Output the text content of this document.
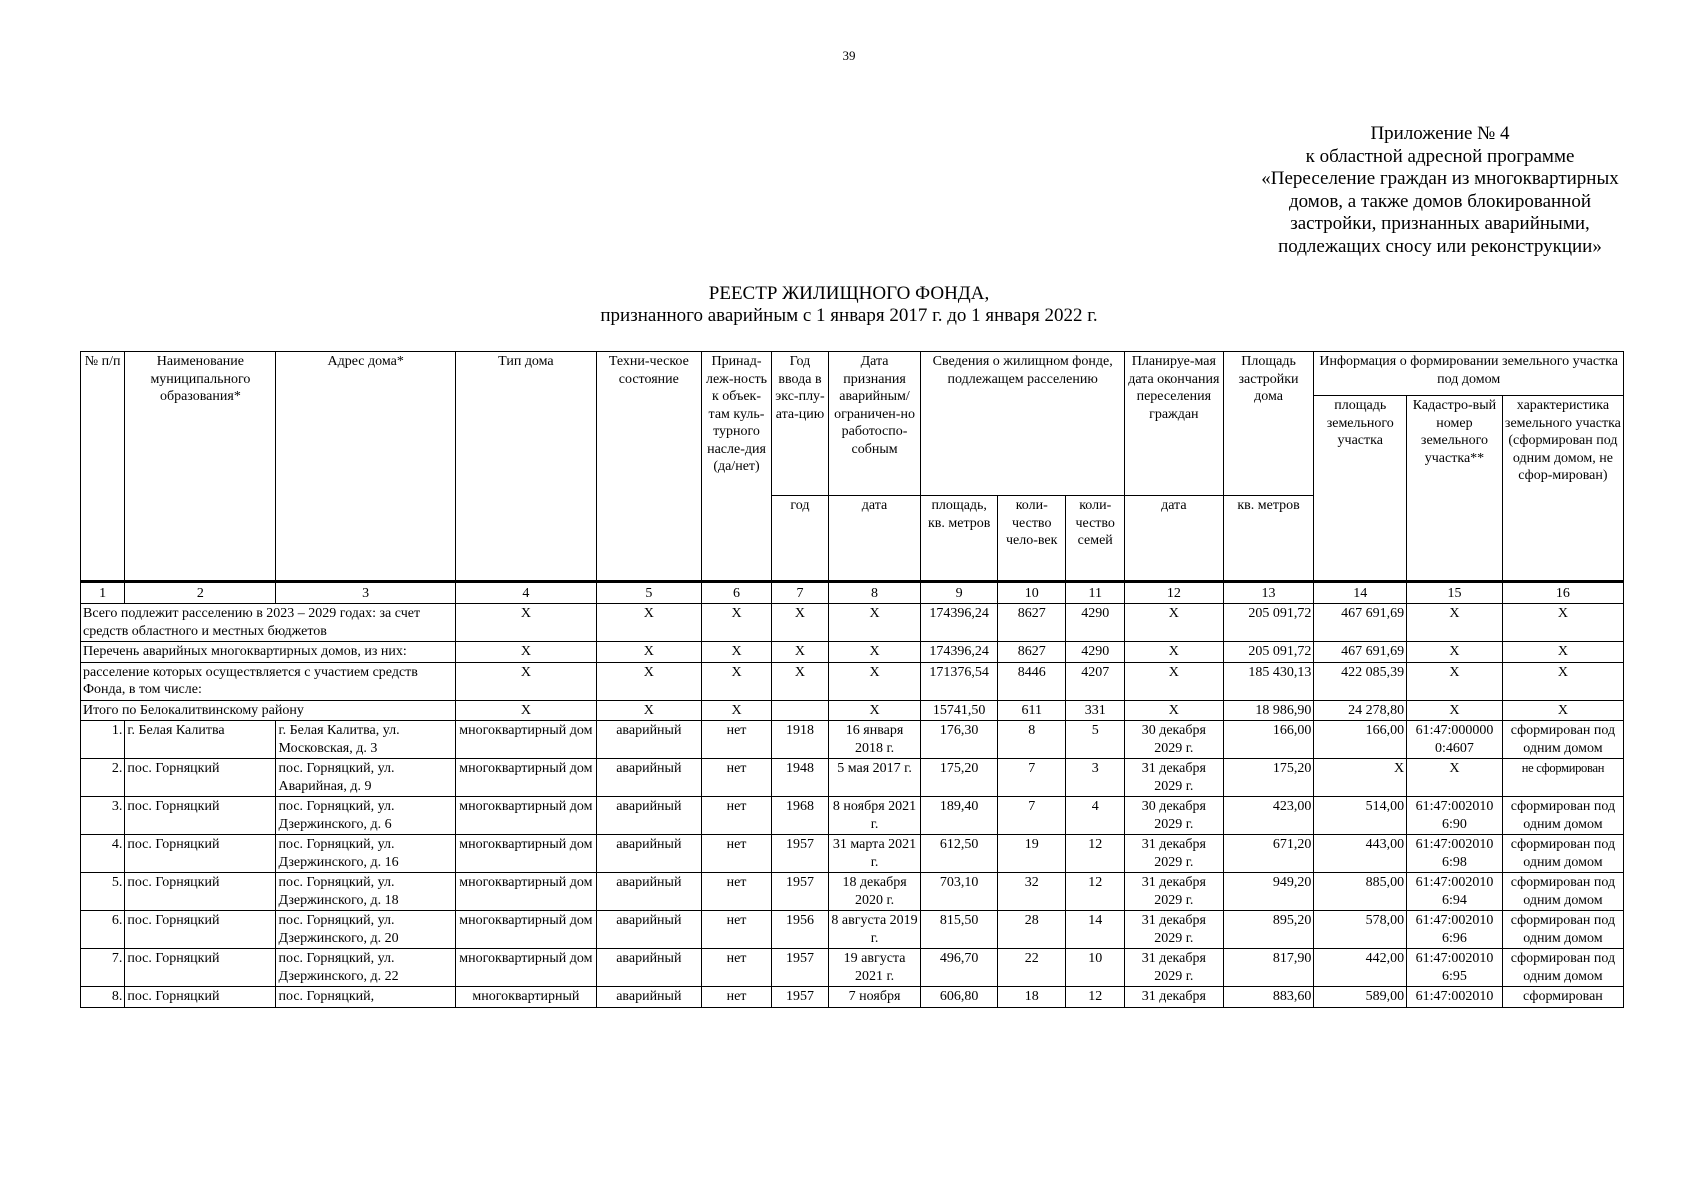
39
Приложение № 4
к областной адресной программе
«Переселение граждан из многоквартирных
домов, а также домов блокированной
застройки, признанных аварийными,
подлежащих сносу или реконструкции»
РЕЕСТР ЖИЛИЩНОГО ФОНДА,
признанного аварийным с 1 января 2017 г. до 1 января 2022 г.
№ п/п	Наименование муниципального образования*	Адрес дома*	Тип дома	Техни-ческое состояние	Принад-леж-ность к объек-там куль-турного насле-дия (да/нет)	Год ввода в экс-плу-ата-цию	Дата признания аварийным/ ограничен-но работоспо-собным	Сведения о жилищном фонде, подлежащем расселению			Планируе-мая дата окончания переселения граждан	Площадь застройки дома	Информация о формировании земельного участка под домом		
													площадь земельного участка	Кадастро-вый номер земельного участка**	характеристика земельного участка (сформирован под одним домом, не сфор-мирован)
						год	дата	площадь, кв. метров	коли-чество чело-век	коли-чество семей	дата	кв. метров			
1	2	3	4	5	6	7	8	9	10	11	12	13	14	15	16
Всего подлежит расселению в 2023 – 2029 годах: за счет средств областного и местных бюджетов			X	X	X	X	X	174396,24	8627	4290	X	205 091,72	467 691,69	X	X
Перечень аварийных многоквартирных домов, из них:			X	X	X	X	X	174396,24	8627	4290	X	205 091,72	467 691,69	X	X
расселение которых осуществляется с участием средств Фонда, в том числе:			X	X	X	X	X	171376,54	8446	4207	X	185 430,13	422 085,39	X	X
Итого по Белокалитвинскому району			X	X	X		X	15741,50	611	331	X	18 986,90	24 278,80	X	X
1.	г. Белая Калитва	г. Белая Калитва, ул. Московская, д. 3	многоквартирный дом	аварийный	нет	1918	16 января 2018 г.	176,30	8	5	30 декабря 2029 г.	166,00	166,00	61:47:000000 0:4607	сформирован под одним домом
2.	пос. Горняцкий	пос. Горняцкий, ул. Аварийная, д. 9	многоквартирный дом	аварийный	нет	1948	5 мая 2017 г.	175,20	7	3	31 декабря 2029 г.	175,20	X	X	не сформирован
3.	пос. Горняцкий	пос. Горняцкий, ул. Дзержинского, д. 6	многоквартирный дом	аварийный	нет	1968	8 ноября 2021 г.	189,40	7	4	30 декабря 2029 г.	423,00	514,00	61:47:002010 6:90	сформирован под одним домом
4.	пос. Горняцкий	пос. Горняцкий, ул. Дзержинского, д. 16	многоквартирный дом	аварийный	нет	1957	31 марта 2021 г.	612,50	19	12	31 декабря 2029 г.	671,20	443,00	61:47:002010 6:98	сформирован под одним домом
5.	пос. Горняцкий	пос. Горняцкий, ул. Дзержинского, д. 18	многоквартирный дом	аварийный	нет	1957	18 декабря 2020 г.	703,10	32	12	31 декабря 2029 г.	949,20	885,00	61:47:002010 6:94	сформирован под одним домом
6.	пос. Горняцкий	пос. Горняцкий, ул. Дзержинского, д. 20	многоквартирный дом	аварийный	нет	1956	8 августа 2019 г.	815,50	28	14	31 декабря 2029 г.	895,20	578,00	61:47:002010 6:96	сформирован под одним домом
7.	пос. Горняцкий	пос. Горняцкий, ул. Дзержинского, д. 22	многоквартирный дом	аварийный	нет	1957	19 августа 2021 г.	496,70	22	10	31 декабря 2029 г.	817,90	442,00	61:47:002010 6:95	сформирован под одним домом
8.	пос. Горняцкий	пос. Горняцкий,	многоквартирный	аварийный	нет	1957	7 ноября	606,80	18	12	31 декабря	883,60	589,00	61:47:002010	сформирован
